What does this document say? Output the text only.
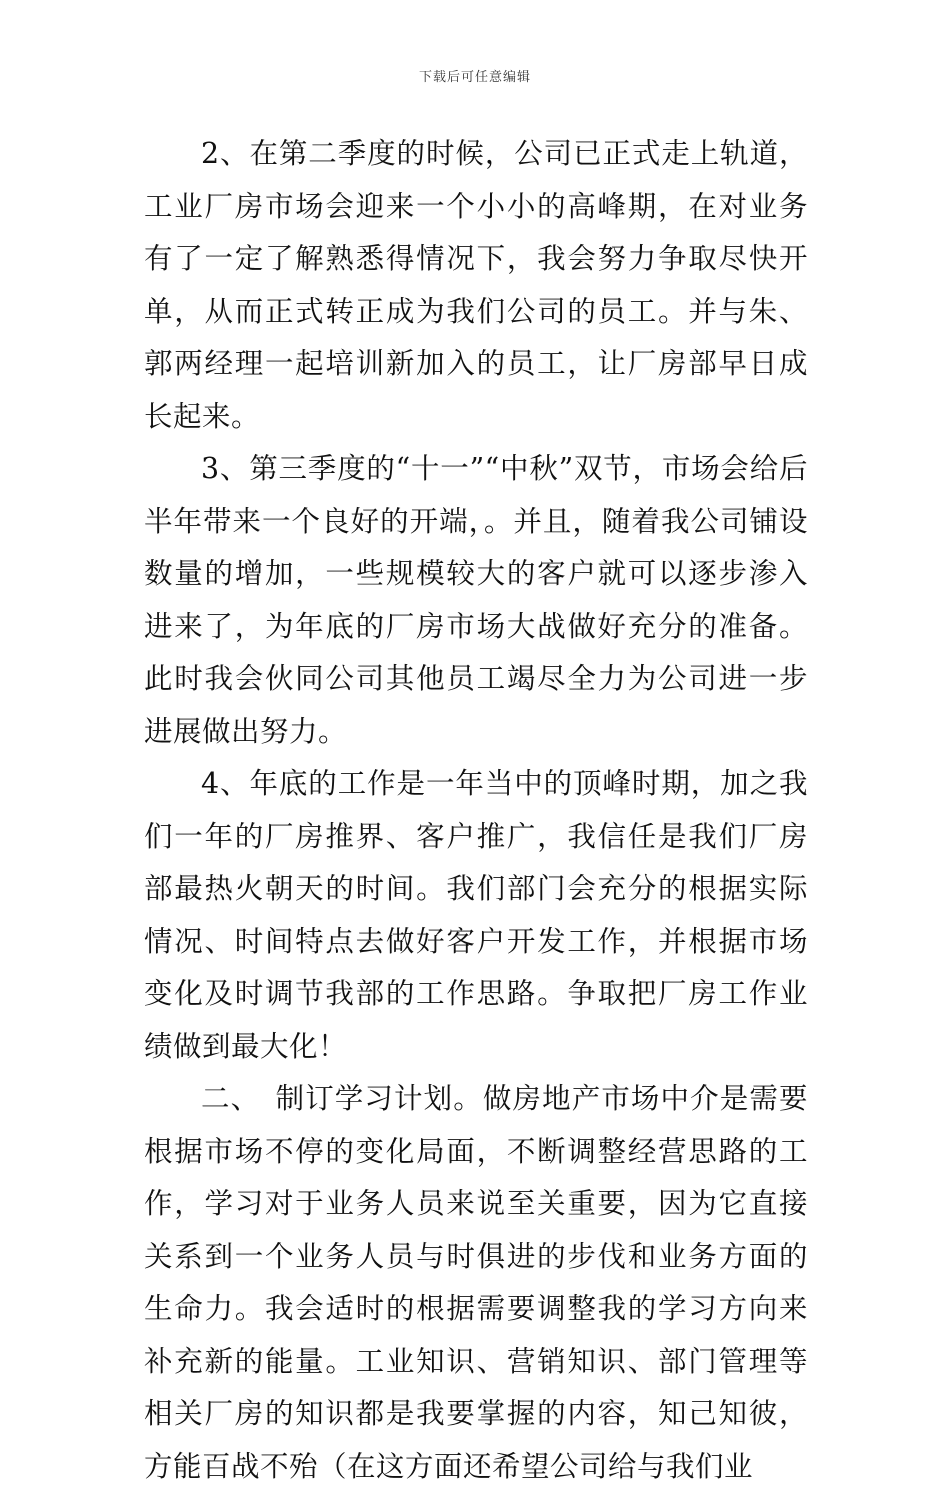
下载后可任意编辑

2、在第二季度的时候，公司已正式走上轨道，工业厂房市场会迎来一个小小的高峰期，在对业务有了一定了解熟悉得情况下，我会努力争取尽快开单，从而正式转正成为我们公司的员工。并与朱、郭两经理一起培训新加入的员工，让厂房部早日成长起来。

3、第三季度的“十一”“中秋”双节，市场会给后半年带来一个良好的开端，。并且，随着我公司铺设数量的增加，一些规模较大的客户就可以逐步渗入进来了，为年底的厂房市场大战做好充分的准备。此时我会伙同公司其他员工竭尽全力为公司进一步进展做出努力。

4、年底的工作是一年当中的顶峰时期，加之我们一年的厂房推界、客户推广，我信任是我们厂房部最热火朝天的时间。我们部门会充分的根据实际情况、时间特点去做好客户开发工作，并根据市场变化及时调节我部的工作思路。争取把厂房工作业绩做到最大化！

二、　制订学习计划。做房地产市场中介是需要根据市场不停的变化局面，不断调整经营思路的工作，学习对于业务人员来说至关重要，因为它直接关系到一个业务人员与时俱进的步伐和业务方面的生命力。我会适时的根据需要调整我的学习方向来补充新的能量。工业知识、营销知识、部门管理等相关厂房的知识都是我要掌握的内容，知己知彼，方能百战不殆（在这方面还希望公司给与我们业
